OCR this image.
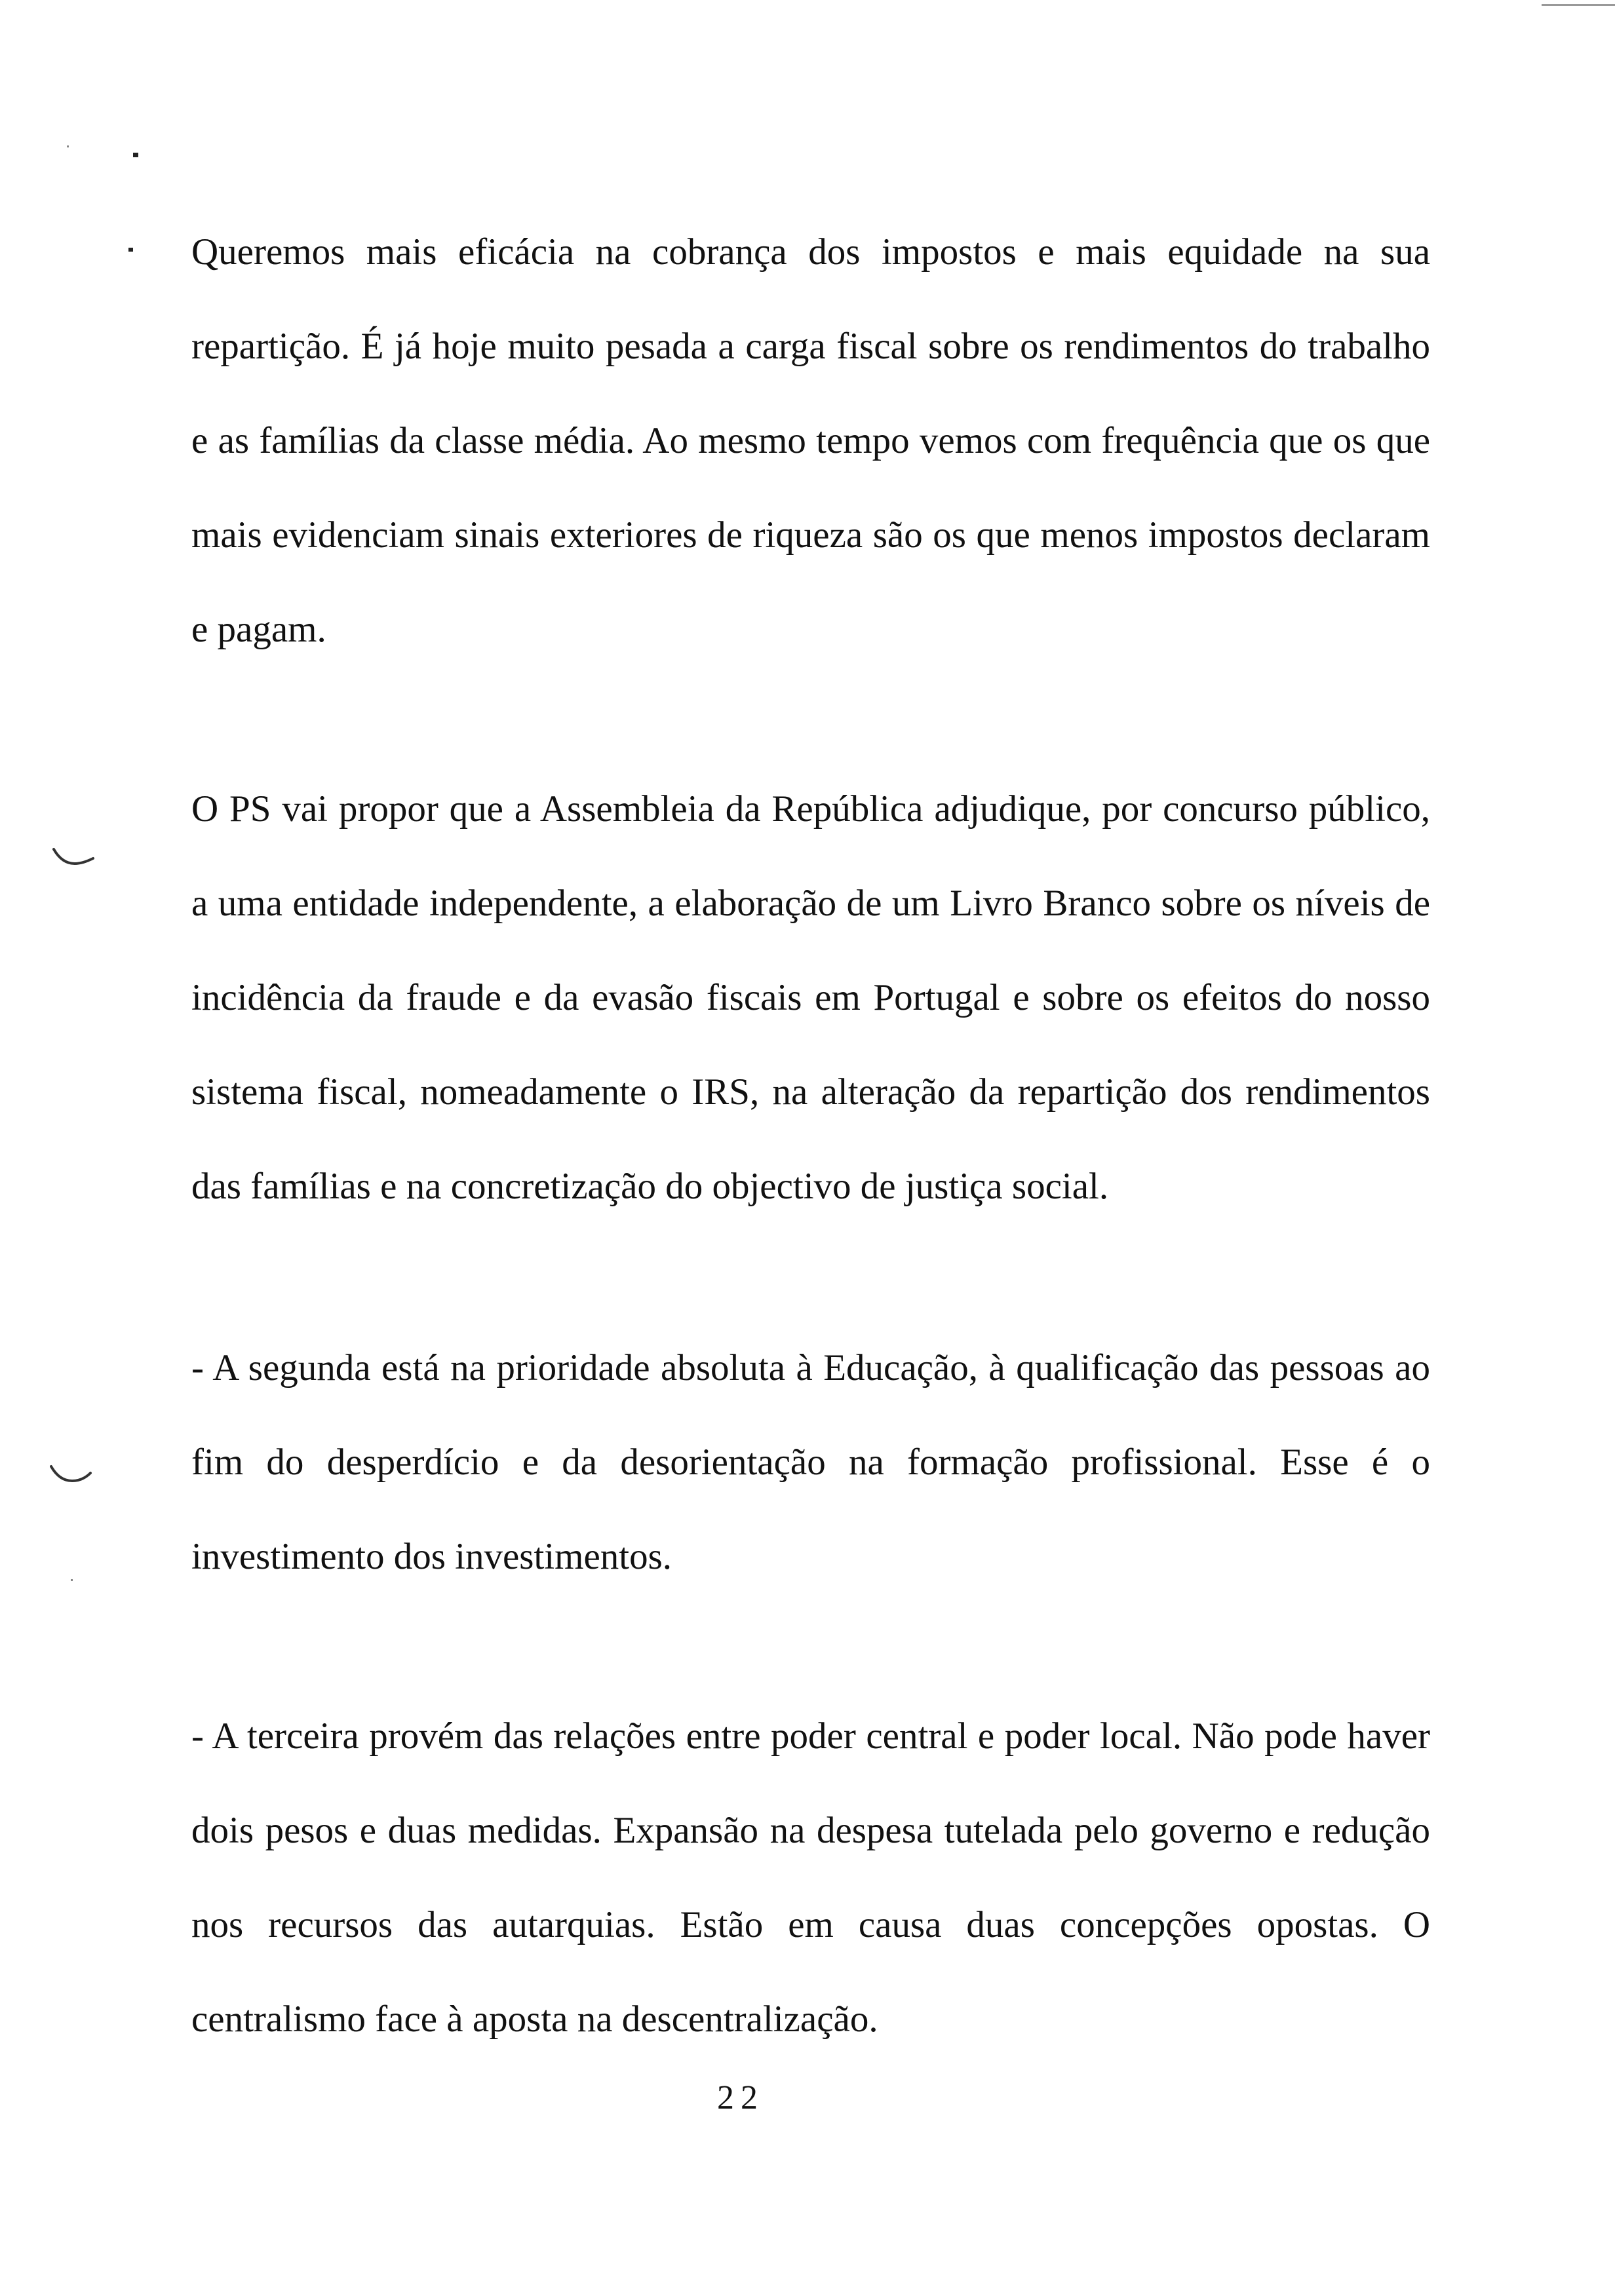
Queremos mais eficácia na cobrança dos impostos e mais equidade na sua repartição. É já hoje muito pesada a carga fiscal sobre os rendimentos do trabalho e as famílias da classe média. Ao mesmo tempo vemos com frequência que os que mais evidenciam sinais exteriores de riqueza são os que menos impostos declaram e pagam.

O PS vai propor que a Assembleia da República adjudique, por concurso público, a uma entidade independente, a elaboração de um Livro Branco sobre os níveis de incidência da fraude e da evasão fiscais em Portugal e sobre os efeitos do nosso sistema fiscal, nomeadamente o IRS, na alteração da repartição dos rendimentos das famílias e na concretização do objectivo de justiça social.

- A segunda está na prioridade absoluta à Educação, à qualificação das pessoas ao fim do desperdício e da desorientação na formação profissional. Esse é o investimento dos investimentos.

- A terceira provém das relações entre poder central e poder local. Não pode haver dois pesos e duas medidas. Expansão na despesa tutelada pelo governo e redução nos recursos das autarquias. Estão em causa duas concepções opostas. O centralismo face à aposta na descentralização.

22
